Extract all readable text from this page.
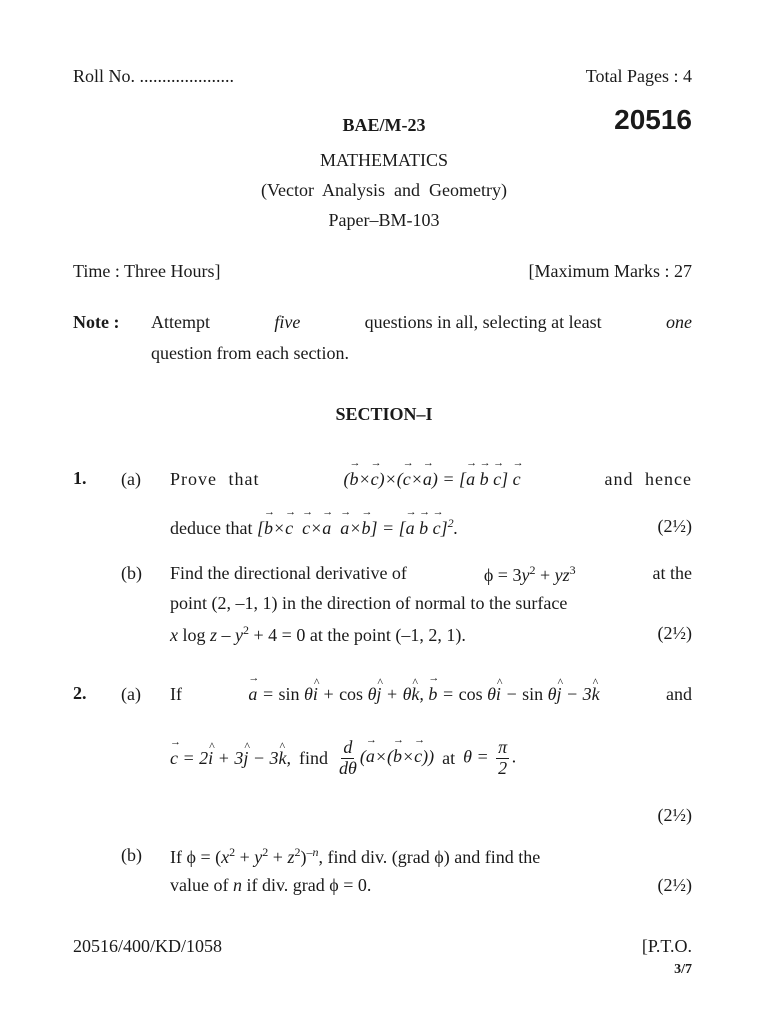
Roll No. .....................	Total Pages : 4
BAE/M-23	20516
MATHEMATICS
(Vector  Analysis  and  Geometry)
Paper–BM-103
Time : Three Hours]	[Maximum Marks : 27
Note : Attempt	five	questions in all, selecting at least	one
question from each section.
SECTION–I
1. (a) Prove that	(→ b×→ c)×(→ c×→ a) = [→ a → b → c] → c	and hence
deduce that [→ b×→ c → c×→ a → a×→ b] = [→ a → b → c]$^2$.	(2½)
(b) Find the directional derivative of	$\phi = 3y^2 + yz^3$	at the
point (2, –1, 1) in the direction of normal to the surface
x $\log z - y^2 + 4 = 0$ at the point (–1, 2, 1).	(2½)
2. (a) If	→ a = sin θ^ i + cos θ^ j + θ^ k, → b = cos θ^ i − sin θ^ j − 3^ k	and
→ c = 2^ i + 3^ j − 3^ k, find $\frac{d}{d\theta}$ (→ a×(→ b×→ c)) at $\theta = \frac{\pi}{2}$ .
(2½)
(b) If $\phi = (x^2 + y^2 + z^2)^{-n}$, find div. (grad ϕ) and find the
value of n if div. grad ϕ = 0.	(2½)
20516/400/KD/1058	[P.T.O.
3/7
